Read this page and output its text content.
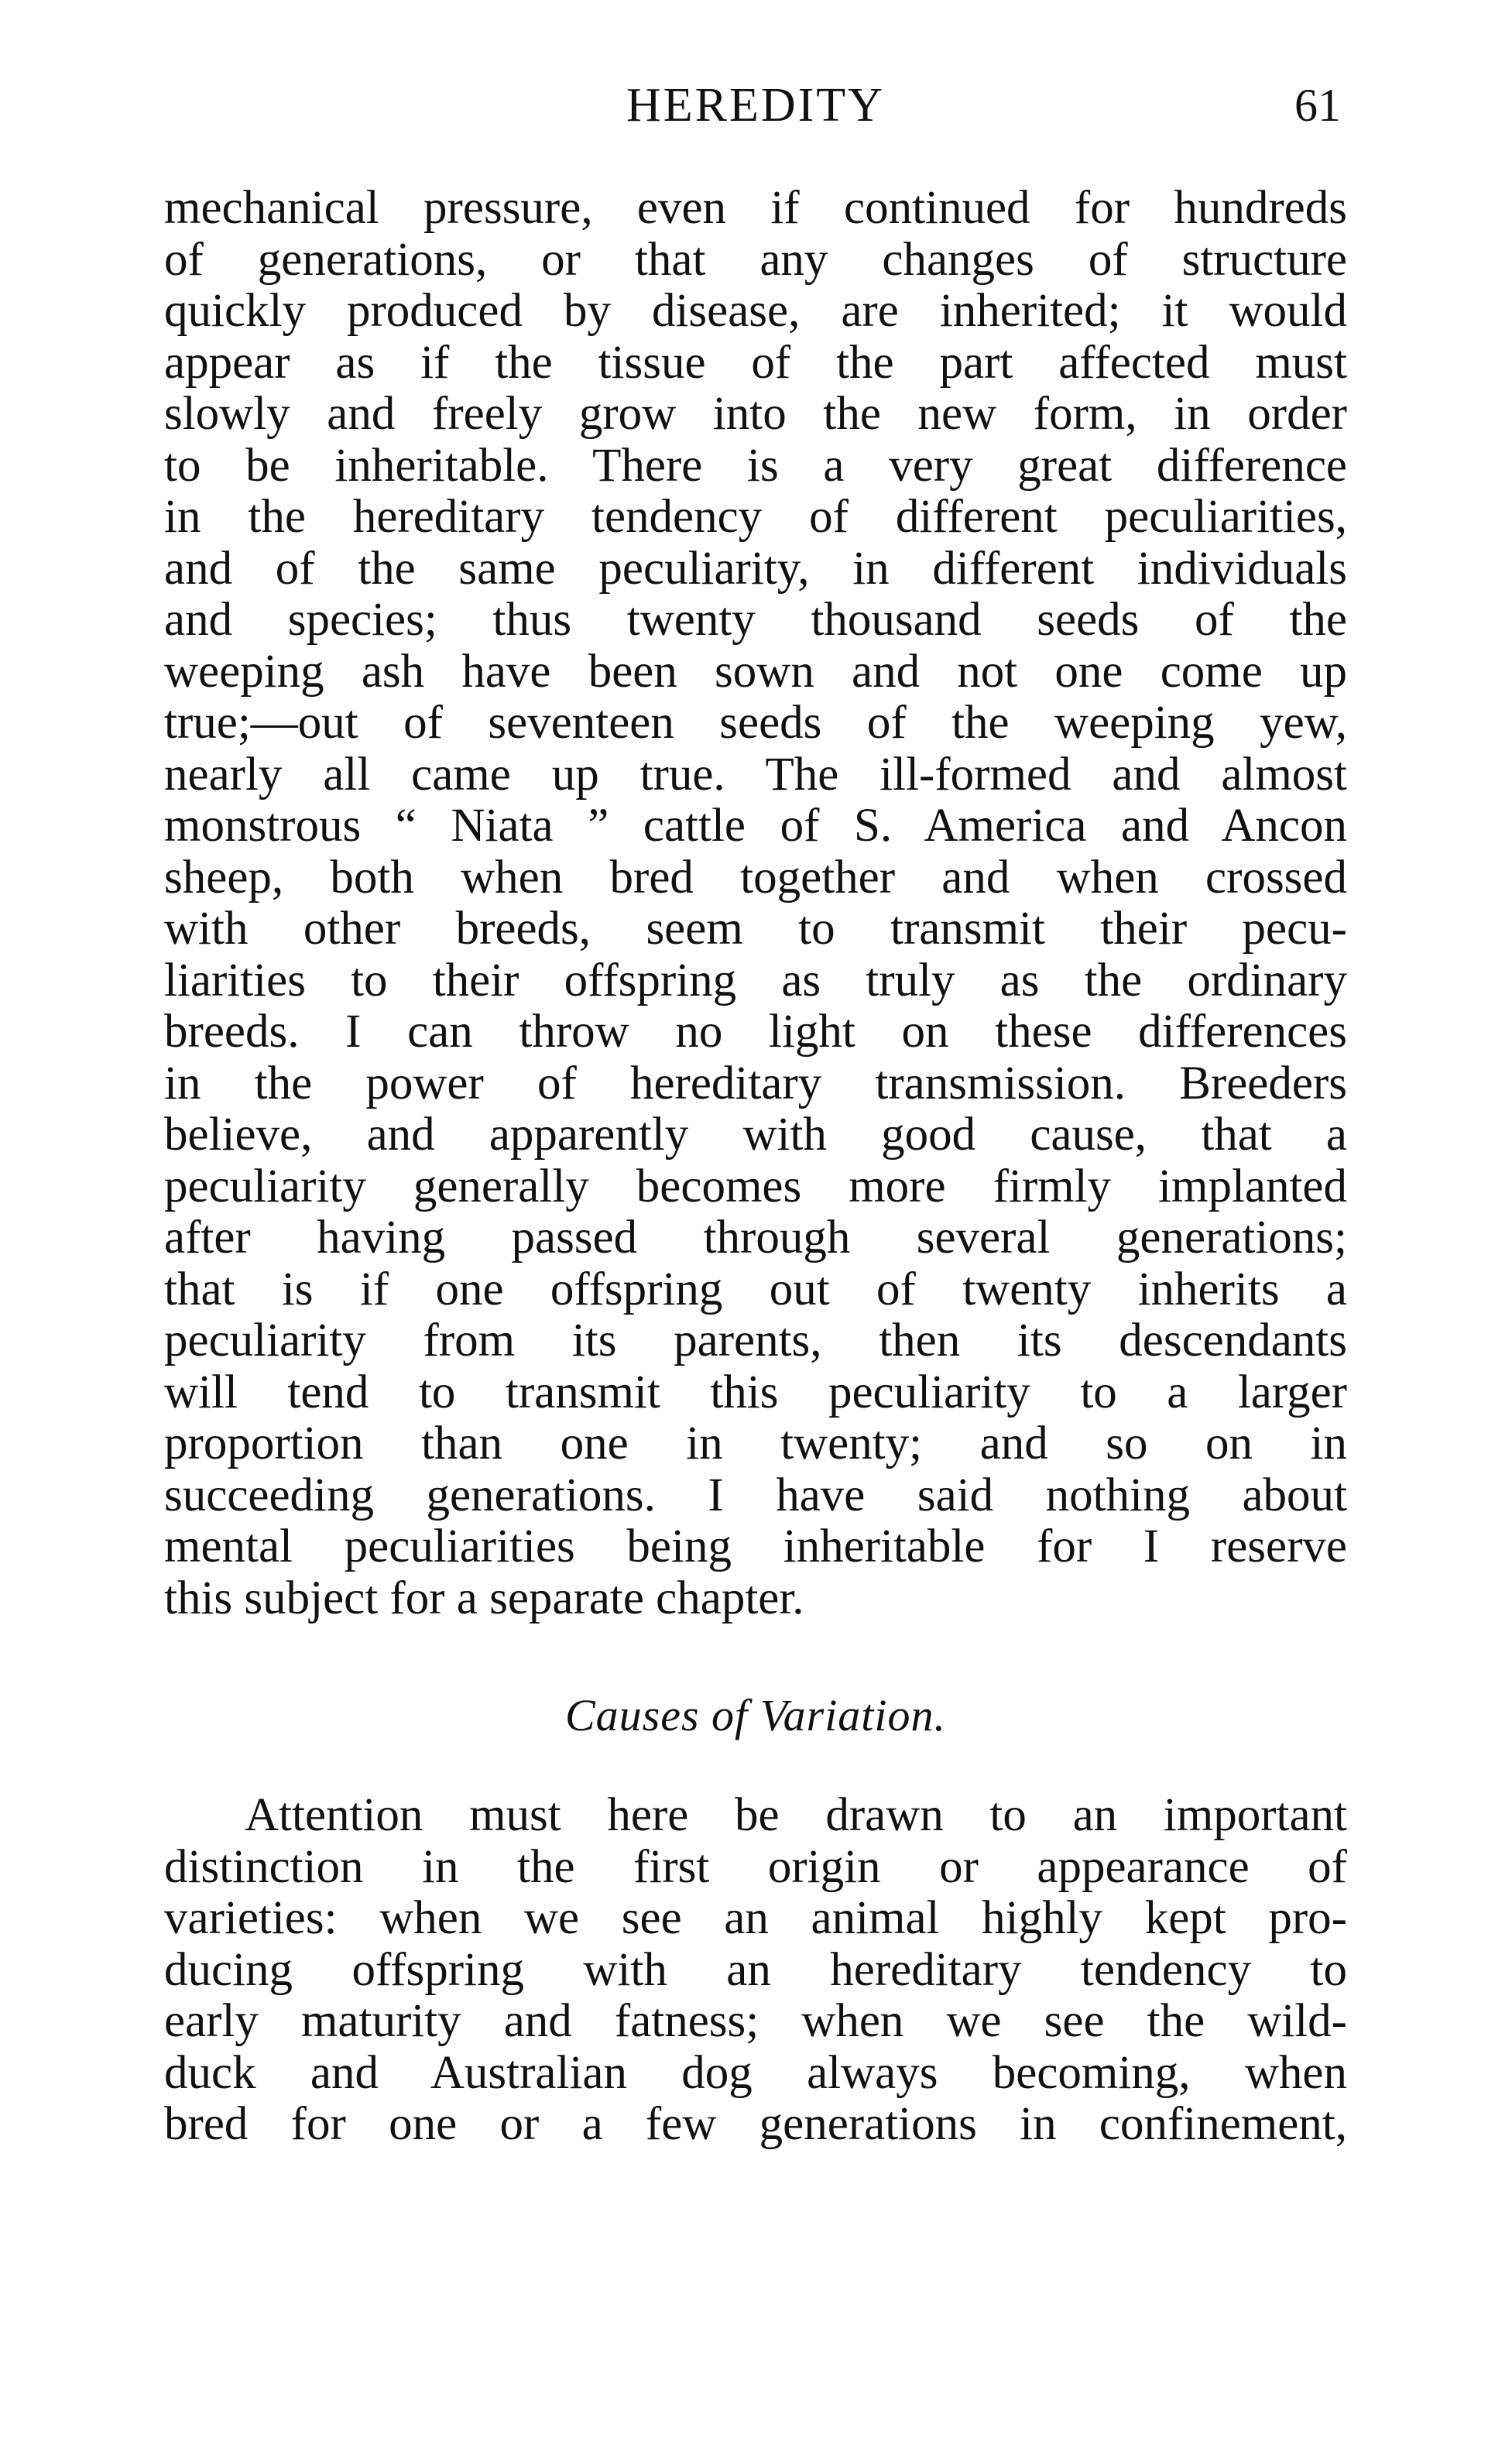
HEREDITY	61
mechanical pressure, even if continued for hundreds
of generations, or that any changes of structure
quickly produced by disease, are inherited; it would
appear as if the tissue of the part affected must
slowly and freely grow into the new form, in order
to be inheritable. There is a very great difference
in the hereditary tendency of different peculiarities,
and of the same peculiarity, in different individuals
and species; thus twenty thousand seeds of the
weeping ash have been sown and not one come up
true;—out of seventeen seeds of the weeping yew,
nearly all came up true. The ill-formed and almost
monstrous “ Niata ” cattle of S. America and Ancon
sheep, both when bred together and when crossed
with other breeds, seem to transmit their pecu-
liarities to their offspring as truly as the ordinary
breeds. I can throw no light on these differences
in the power of hereditary transmission. Breeders
believe, and apparently with good cause, that a
peculiarity generally becomes more firmly implanted
after having passed through several generations;
that is if one offspring out of twenty inherits a
peculiarity from its parents, then its descendants
will tend to transmit this peculiarity to a larger
proportion than one in twenty; and so on in
succeeding generations. I have said nothing about
mental peculiarities being inheritable for I reserve
this subject for a separate chapter.
Causes of Variation.
Attention must here be drawn to an important
distinction in the first origin or appearance of
varieties: when we see an animal highly kept pro-
ducing offspring with an hereditary tendency to
early maturity and fatness; when we see the wild-
duck and Australian dog always becoming, when
bred for one or a few generations in confinement,
